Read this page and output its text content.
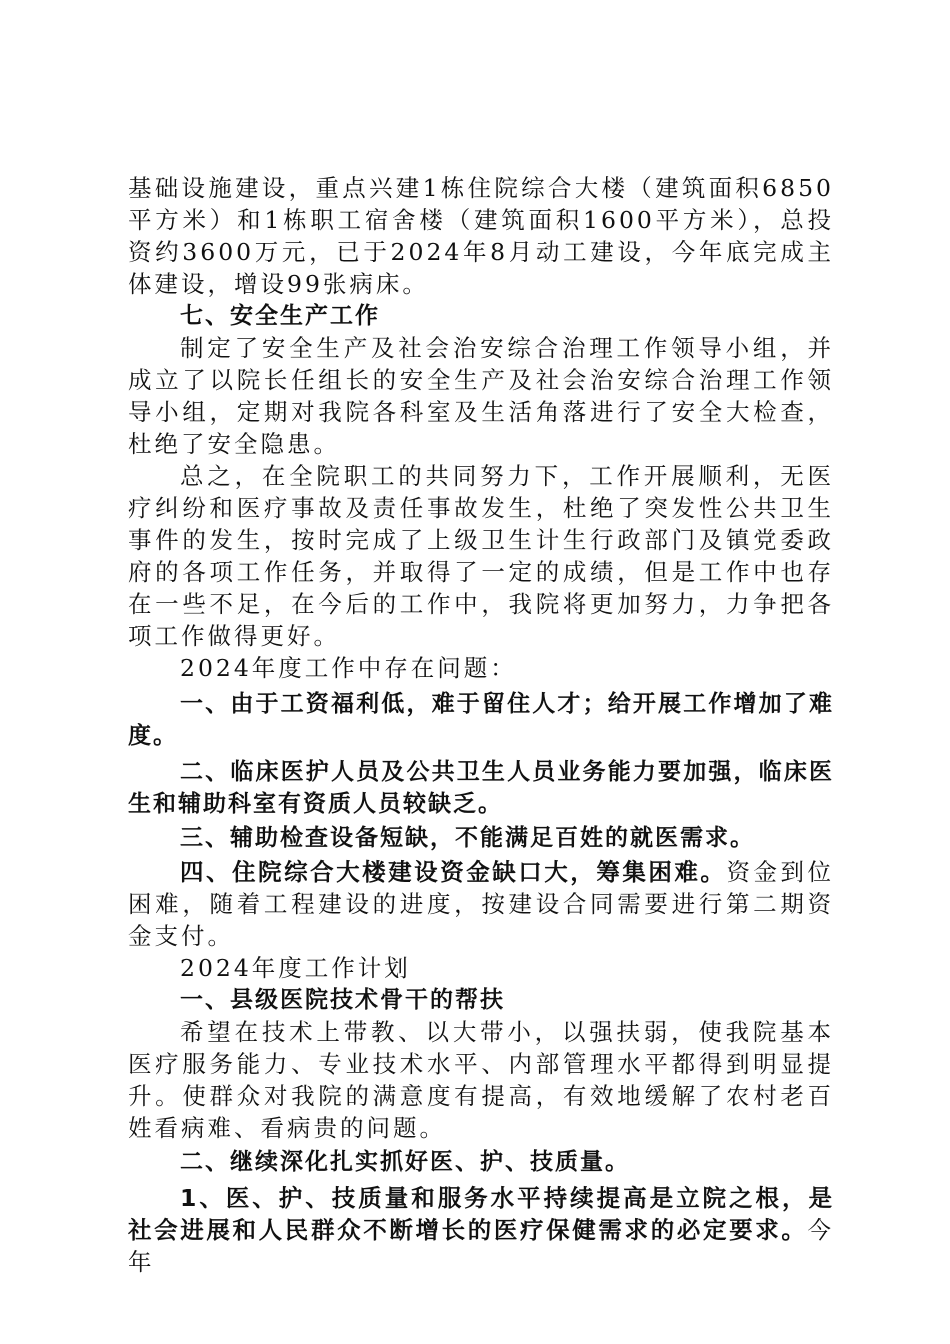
基础设施建设，重点兴建1栋住院综合大楼（建筑面积6850平方米）和1栋职工宿舍楼（建筑面积1600平方米），总投资约3600万元，已于2024年8月动工建设，今年底完成主体建设，增设99张病床。

七、安全生产工作

制定了安全生产及社会治安综合治理工作领导小组，并成立了以院长任组长的安全生产及社会治安综合治理工作领导小组，定期对我院各科室及生活角落进行了安全大检查，杜绝了安全隐患。

总之，在全院职工的共同努力下，工作开展顺利，无医疗纠纷和医疗事故及责任事故发生，杜绝了突发性公共卫生事件的发生，按时完成了上级卫生计生行政部门及镇党委政府的各项工作任务，并取得了一定的成绩，但是工作中也存在一些不足，在今后的工作中，我院将更加努力，力争把各项工作做得更好。

2024年度工作中存在问题：

一、由于工资福利低，难于留住人才；给开展工作增加了难度。

二、临床医护人员及公共卫生人员业务能力要加强，临床医生和辅助科室有资质人员较缺乏。

三、辅助检查设备短缺，不能满足百姓的就医需求。

四、住院综合大楼建设资金缺口大，筹集困难。资金到位困难，随着工程建设的进度，按建设合同需要进行第二期资金支付。

2024年度工作计划

一、县级医院技术骨干的帮扶

希望在技术上带教、以大带小，以强扶弱，使我院基本医疗服务能力、专业技术水平、内部管理水平都得到明显提升。使群众对我院的满意度有提高，有效地缓解了农村老百姓看病难、看病贵的问题。

二、继续深化扎实抓好医、护、技质量。

1、医、护、技质量和服务水平持续提高是立院之根，是社会进展和人民群众不断增长的医疗保健需求的必定要求。今年
